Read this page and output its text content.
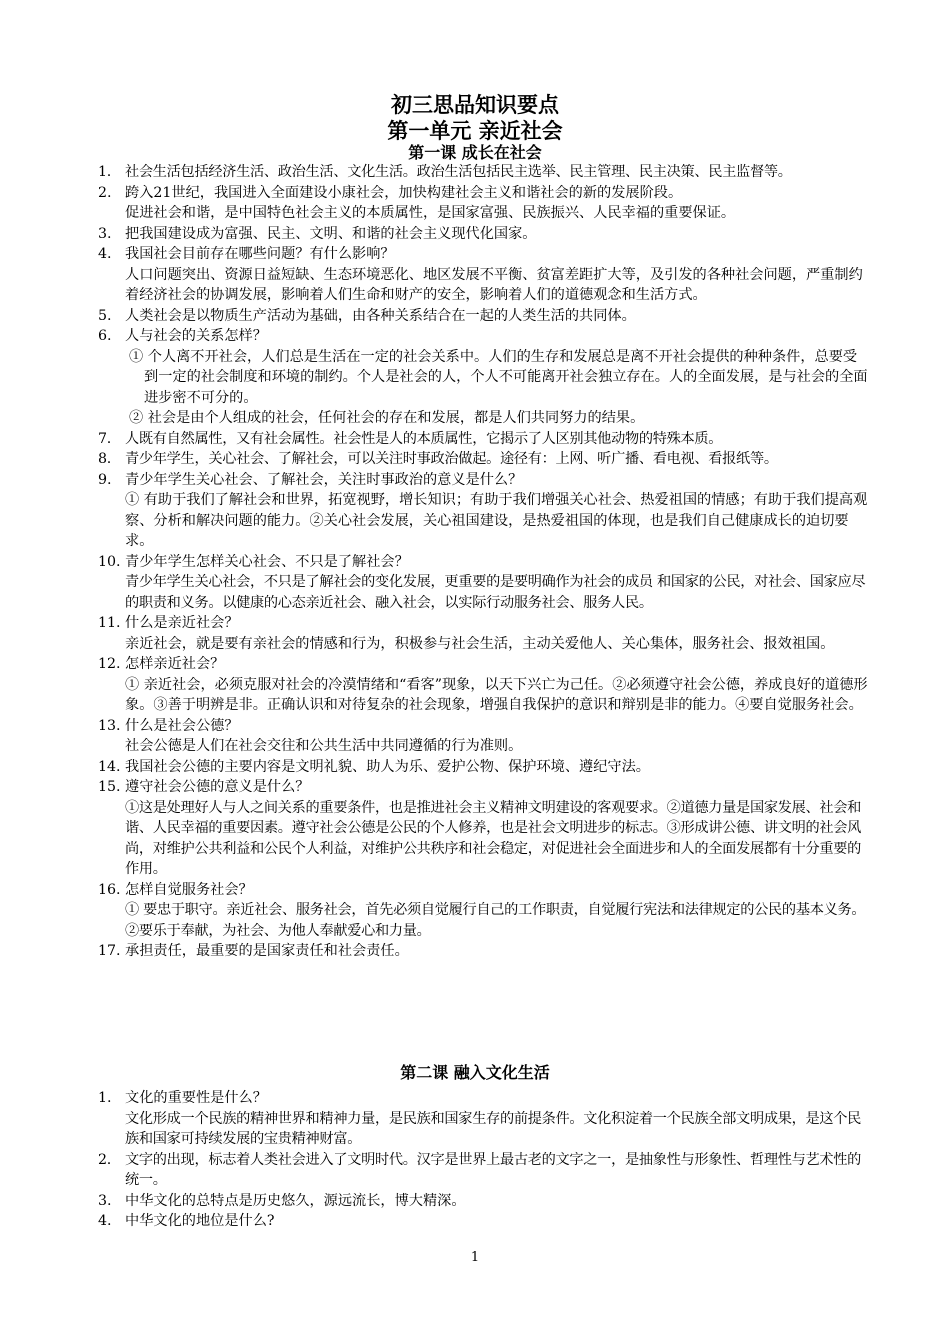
初三思品知识要点
第一单元 亲近社会
第一课 成长在社会
1. 社会生活包括经济生活、政治生活、文化生活。政治生活包括民主选举、民主管理、民主决策、民主监督等。
2. 跨入21世纪，我国进入全面建设小康社会，加快构建社会主义和谐社会的新的发展阶段。
促进社会和谐，是中国特色社会主义的本质属性，是国家富强、民族振兴、人民幸福的重要保证。
3. 把我国建设成为富强、民主、文明、和谐的社会主义现代化国家。
4. 我国社会目前存在哪些问题？有什么影响？
人口问题突出、资源日益短缺、生态环境恶化、地区发展不平衡、贫富差距扩大等，及引发的各种社会问题，严重制约着经济社会的协调发展，影响着人们生命和财产的安全，影响着人们的道德观念和生活方式。
5. 人类社会是以物质生产活动为基础，由各种关系结合在一起的人类生活的共同体。
6. 人与社会的关系怎样？
① 个人离不开社会，人们总是生活在一定的社会关系中。人们的生存和发展总是离不开社会提供的种种条件，总要受到一定的社会制度和环境的制约。个人是社会的人，个人不可能离开社会独立存在。人的全面发展，是与社会的全面进步密不可分的。
② 社会是由个人组成的社会，任何社会的存在和发展，都是人们共同努力的结果。
7. 人既有自然属性，又有社会属性。社会性是人的本质属性，它揭示了人区别其他动物的特殊本质。
8. 青少年学生，关心社会、了解社会，可以关注时事政治做起。途径有：上网、听广播、看电视、看报纸等。
9. 青少年学生关心社会、了解社会，关注时事政治的意义是什么？
① 有助于我们了解社会和世界，拓宽视野，增长知识；有助于我们增强关心社会、热爱祖国的情感；有助于我们提高观察、分析和解决问题的能力。②关心社会发展，关心祖国建设，是热爱祖国的体现，也是我们自己健康成长的迫切要求。
10. 青少年学生怎样关心社会、不只是了解社会？
青少年学生关心社会，不只是了解社会的变化发展，更重要的是要明确作为社会的成员 和国家的公民，对社会、国家应尽的职责和义务。以健康的心态亲近社会、融入社会，以实际行动服务社会、服务人民。
11. 什么是亲近社会？
亲近社会，就是要有亲社会的情感和行为，积极参与社会生活，主动关爱他人、关心集体，服务社会、报效祖国。
12. 怎样亲近社会？
① 亲近社会，必须克服对社会的冷漠情绪和“看客”现象，以天下兴亡为己任。②必须遵守社会公德，养成良好的道德形象。③善于明辨是非。正确认识和对待复杂的社会现象，增强自我保护的意识和辩别是非的能力。④要自觉服务社会。
13. 什么是社会公德？
社会公德是人们在社会交往和公共生活中共同遵循的行为准则。
14. 我国社会公德的主要内容是文明礼貌、助人为乐、爱护公物、保护环境、遵纪守法。
15. 遵守社会公德的意义是什么？
①这是处理好人与人之间关系的重要条件，也是推进社会主义精神文明建设的客观要求。②道德力量是国家发展、社会和谐、人民幸福的重要因素。遵守社会公德是公民的个人修养，也是社会文明进步的标志。③形成讲公德、讲文明的社会风尚，对维护公共利益和公民个人利益，对维护公共秩序和社会稳定，对促进社会全面进步和人的全面发展都有十分重要的作用。
16. 怎样自觉服务社会？
① 要忠于职守。亲近社会、服务社会，首先必须自觉履行自己的工作职责，自觉履行宪法和法律规定的公民的基本义务。②要乐于奉献，为社会、为他人奉献爱心和力量。
17. 承担责任，最重要的是国家责任和社会责任。
第二课 融入文化生活
1. 文化的重要性是什么？
文化形成一个民族的精神世界和精神力量，是民族和国家生存的前提条件。文化积淀着一个民族全部文明成果，是这个民族和国家可持续发展的宝贵精神财富。
2. 文字的出现，标志着人类社会进入了文明时代。汉字是世界上最古老的文字之一，是抽象性与形象性、哲理性与艺术性的统一。
3. 中华文化的总特点是历史悠久，源远流长，博大精深。
4. 中华文化的地位是什么?
1
